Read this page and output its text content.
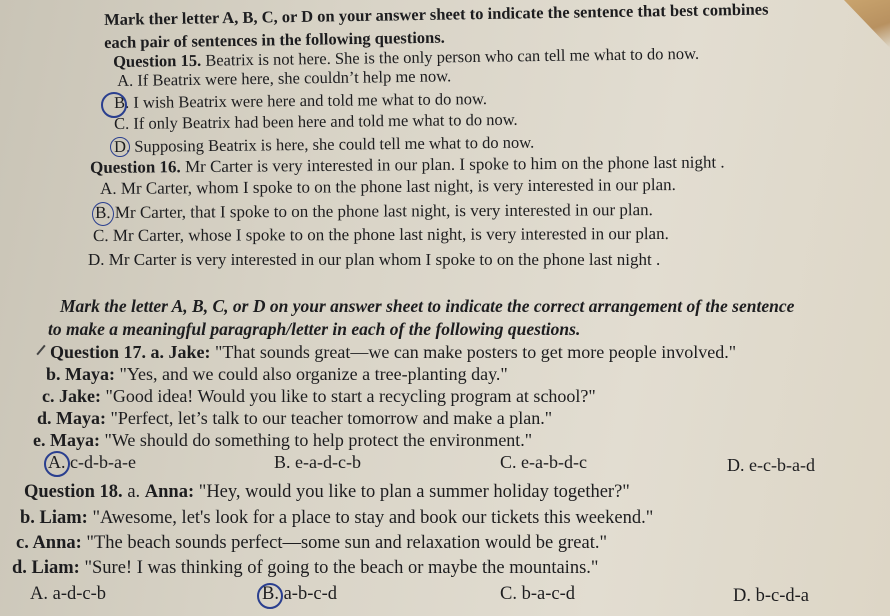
Mark ther letter A, B, C, or D on your answer sheet to indicate the sentence that best combines
each pair of sentences in the following questions.
Question 15. Beatrix is not here. She is the only person who can tell me what to do now.
A. If Beatrix were here, she couldn’t help me now.
B. I wish Beatrix were here and told me what to do now.
C. If only Beatrix had been here and told me what to do now.
D. Supposing Beatrix is here, she could tell me what to do now.
Question 16. Mr Carter is very interested in our plan. I spoke to him on the phone last night .
A. Mr Carter, whom I spoke to on the phone last night, is very interested in our plan.
B. Mr Carter, that I spoke to on the phone last night, is very interested in our plan.
C. Mr Carter, whose I spoke to on the phone last night, is very interested in our plan.
D. Mr Carter is very interested in our plan whom I spoke to on the phone last night .
Mark the letter A, B, C, or D on your answer sheet to indicate the correct arrangement of the sentence
to make a meaningful paragraph/letter in each of the following questions.
Question 17. a. Jake: "That sounds great—we can make posters to get more people involved."
b. Maya: "Yes, and we could also organize a tree-planting day."
c. Jake: "Good idea! Would you like to start a recycling program at school?"
d. Maya: "Perfect, let’s talk to our teacher tomorrow and make a plan."
e. Maya: "We should do something to help protect the environment."
A. c-d-b-a-e	B. e-a-d-c-b	C. e-a-b-d-c	D. e-c-b-a-d
Question 18. a. Anna: "Hey, would you like to plan a summer holiday together?"
b. Liam: "Awesome, let's look for a place to stay and book our tickets this weekend."
c. Anna: "The beach sounds perfect—some sun and relaxation would be great."
d. Liam: "Sure! I was thinking of going to the beach or maybe the mountains."
A. a-d-c-b	B. a-b-c-d	C. b-a-c-d	D. b-c-d-a
